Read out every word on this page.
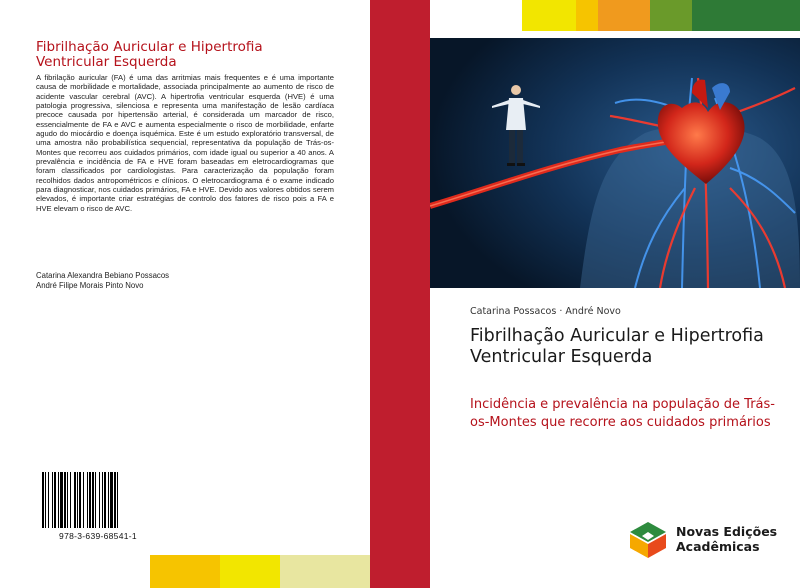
Fibrilhação Auricular e Hipertrofia
Ventricular Esquerda

A fibrilação auricular (FA) é uma das arritmias mais frequentes e é uma importante causa de morbilidade e mortalidade, associada principalmente ao aumento de risco de acidente vascular cerebral (AVC). A hipertrofia ventricular esquerda (HVE) é uma patologia progressiva, silenciosa e representa uma manifestação de lesão cardíaca precoce causada por hipertensão arterial, é considerada um marcador de risco, essencialmente de FA e AVC e aumenta especialmente o risco de morbilidade, enfarte agudo do miocárdio e doença isquémica. Este é um estudo exploratório transversal, de uma amostra não probabilística sequencial, representativa da população de Trás-os-Montes que recorreu aos cuidados primários, com idade igual ou superior a 40 anos. A prevalência e incidência de FA e HVE foram baseadas em eletrocardiogramas que foram classificados por cardiologistas. Para caracterização da população foram recolhidos dados antropométricos e clínicos. O eletrocardiograma é o exame indicado para diagnosticar, nos cuidados primários, FA e HVE. Devido aos valores obtidos serem elevados, é importante criar estratégias de controlo dos fatores de risco pois a FA e HVE elevam o risco de AVC.

Catarina Alexandra Bebiano Possacos
André Filipe Morais Pinto Novo
978-3-639-68541-1
Catarina Possacos · André Novo
Fibrilhação Auricular e Hipertrofia Ventricular Esquerda
Incidência e prevalência na população de Trás-os-Montes que recorre aos cuidados primários
Novas Edições
Acadêmicas
